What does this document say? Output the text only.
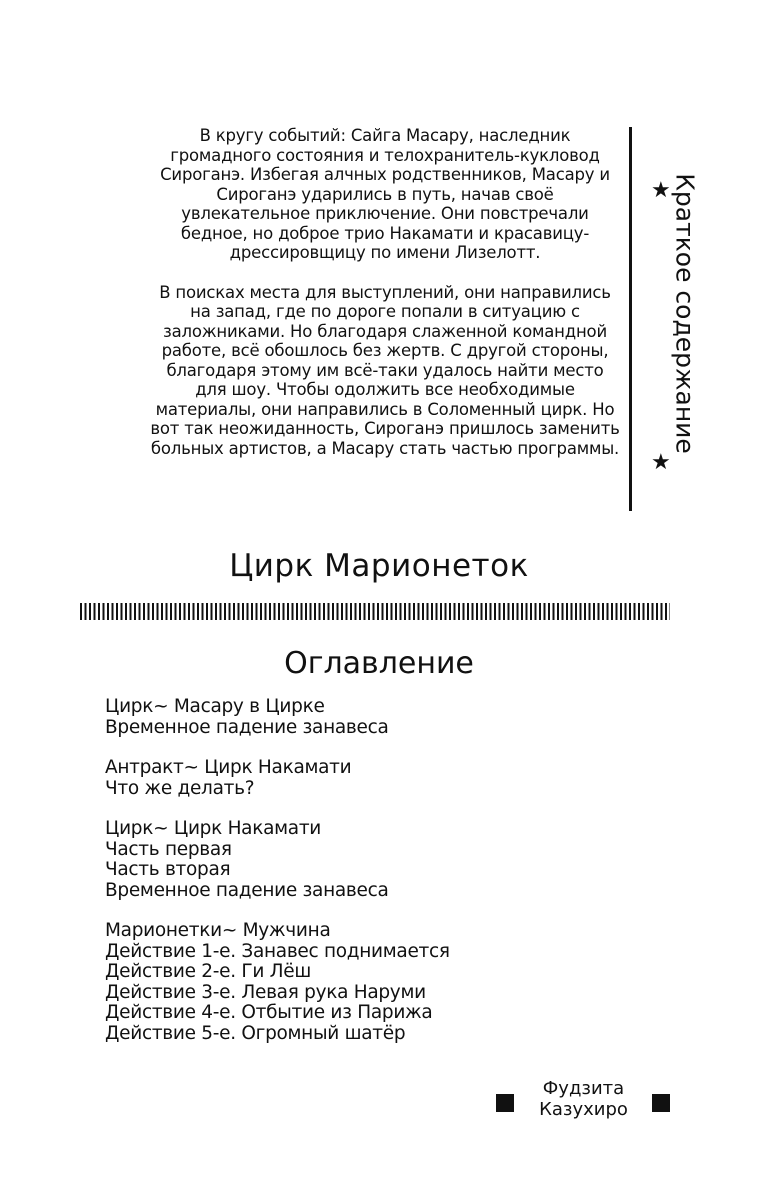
В кругу событий: Сайга Масару, наследник громадного состояния и телохранитель-кукловод Сироганэ. Избегая алчных родственников, Масару и Сироганэ ударились в путь, начав своё увлекательное приключение. Они повстречали бедное, но доброе трио Накамати и красавицу-дрессировщицу по имени Лизелотт.

В поисках места для выступлений, они направились на запад, где по дороге попали в ситуацию с заложниками. Но благодаря слаженной командной работе, всё обошлось без жертв. С другой стороны, благодаря этому им всё-таки удалось найти место для шоу. Чтобы одолжить все необходимые материалы, они направились в Соломенный цирк. Но вот так неожиданность, Сироганэ пришлось заменить больных артистов, а Масару стать частью программы.

★ Краткое содержание
★
Цирк Марионеток
Оглавление
Цирк~ Масару в Цирке
Временное падение занавеса
Антракт~ Цирк Накамати
Что же делать?
Цирк~ Цирк Накамати
Часть первая
Часть вторая
Временное падение занавеса
Марионетки~ Мужчина
Действие 1-е. Занавес поднимается
Действие 2-е. Ги Лёш
Действие 3-е. Левая рука Наруми
Действие 4-е. Отбытие из Парижа
Действие 5-е. Огромный шатёр
Фудзита
Казухиро
